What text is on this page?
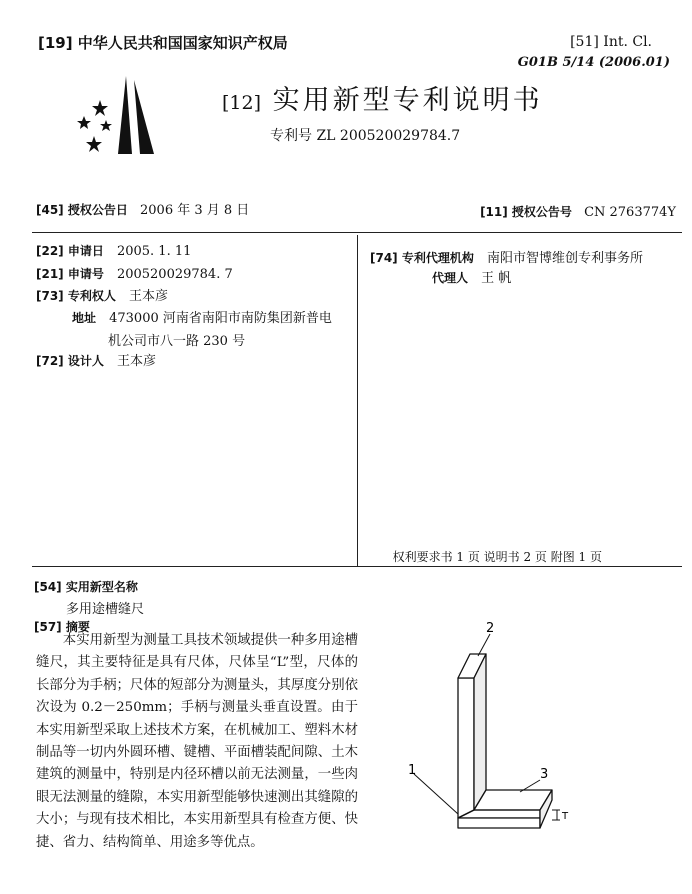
[19] 中华人民共和国国家知识产权局	[51] Int. Cl.
G01B 5/14 (2006.01)
[12] 实用新型专利说明书
专利号 ZL 200520029784.7
[45] 授权公告日 2006 年 3 月 8 日	[11] 授权公告号 CN 2763774Y
[22] 申请日 2005. 1. 11
[21] 申请号 200520029784. 7
[73] 专利权人 王本彦
地址 473000 河南省南阳市南防集团新普电
机公司市八一路 230 号
[72] 设计人 王本彦
[74] 专利代理机构 南阳市智博维创专利事务所
代理人 王 帆
权利要求书 1 页 说明书 2 页 附图 1 页
[54] 实用新型名称
多用途槽缝尺
[57] 摘要
本实用新型为测量工具技术领域提供一种多用途槽缝尺，其主要特征是具有尺体，尺体呈“L”型，尺体的长部分为手柄；尺体的短部分为测量头，其厚度分别依次设为 0.2－250mm；手柄与测量头垂直设置。由于本实用新型采取上述技术方案，在机械加工、塑料木材制品等一切内外圆环槽、键槽、平面槽装配间隙、土木建筑的测量中，特别是内径环槽以前无法测量，一些肉眼无法测量的缝隙，本实用新型能够快速测出其缝隙的大小；与现有技术相比，本实用新型具有检查方便、快捷、省力、结构简单、用途多等优点。
2
1	3
T
